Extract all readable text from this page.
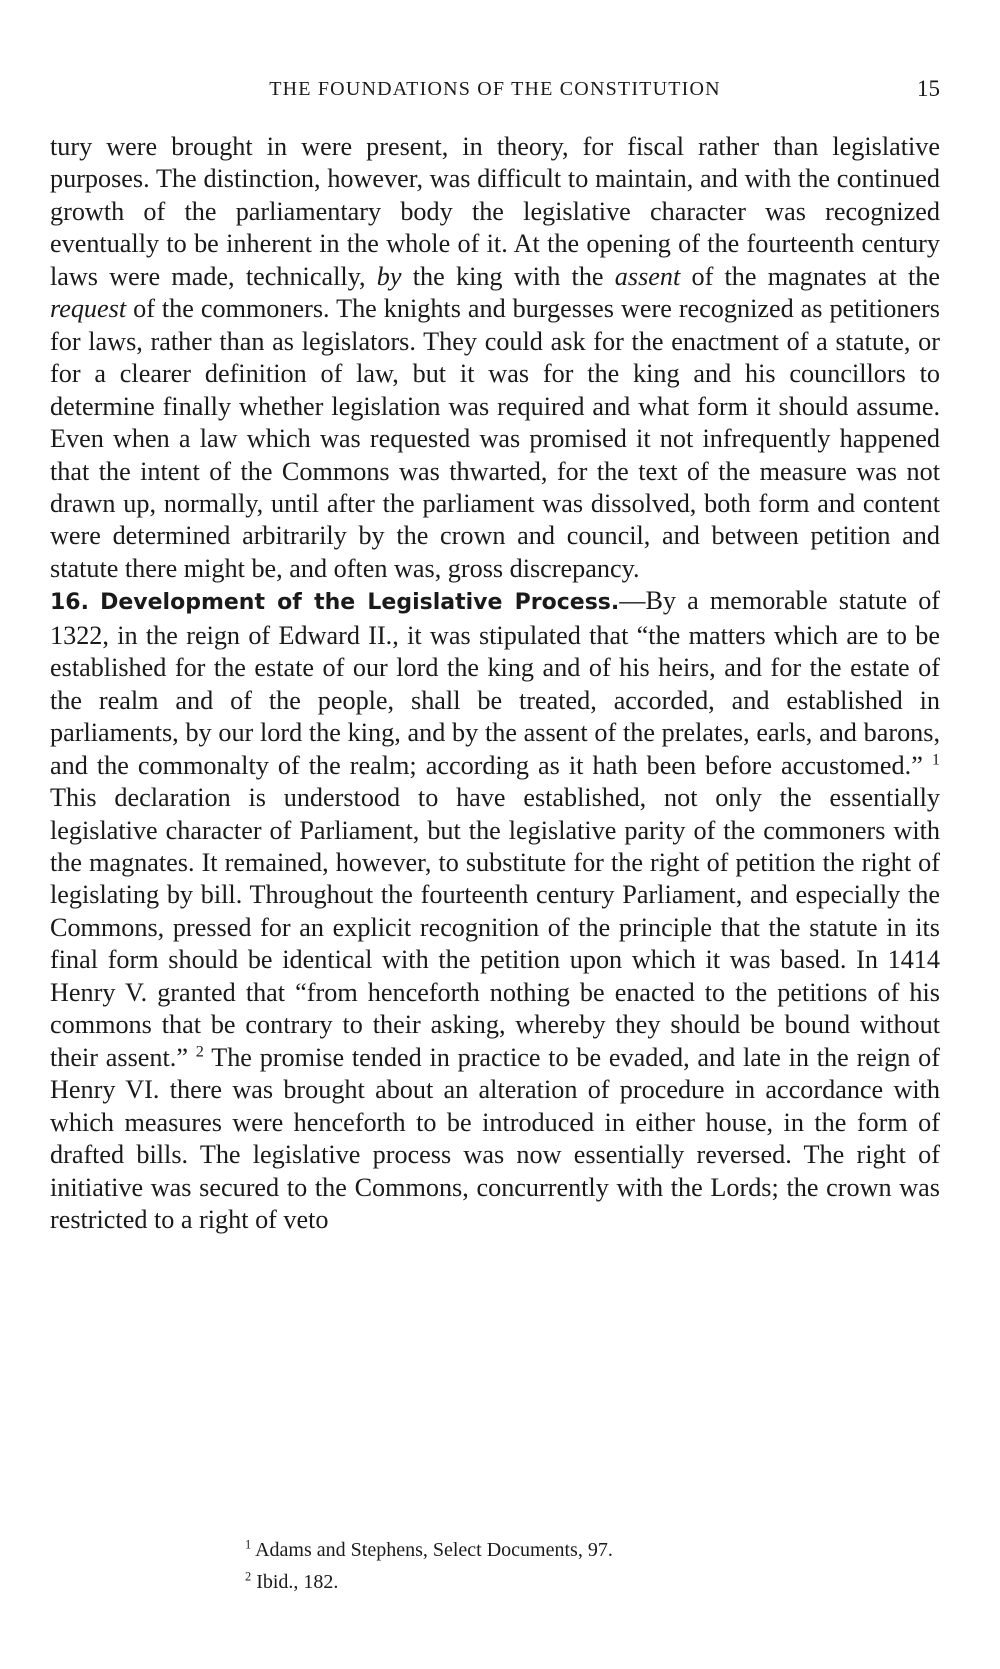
THE FOUNDATIONS OF THE CONSTITUTION	15

tury were brought in were present, in theory, for fiscal rather than legislative purposes. The distinction, however, was difficult to maintain, and with the continued growth of the parliamentary body the legislative character was recognized eventually to be inherent in the whole of it. At the opening of the fourteenth century laws were made, technically, by the king with the assent of the magnates at the request of the commoners. The knights and burgesses were recognized as petitioners for laws, rather than as legislators. They could ask for the enactment of a statute, or for a clearer definition of law, but it was for the king and his councillors to determine finally whether legislation was required and what form it should assume. Even when a law which was requested was promised it not infrequently happened that the intent of the Commons was thwarted, for the text of the measure was not drawn up, normally, until after the parliament was dissolved, both form and content were determined arbitrarily by the crown and council, and between petition and statute there might be, and often was, gross discrepancy.

16. Development of the Legislative Process.—By a memorable statute of 1322, in the reign of Edward II., it was stipulated that “the matters which are to be established for the estate of our lord the king and of his heirs, and for the estate of the realm and of the people, shall be treated, accorded, and established in parliaments, by our lord the king, and by the assent of the prelates, earls, and barons, and the commonalty of the realm; according as it hath been before accustomed.” $^1$ This declaration is understood to have established, not only the essentially legislative character of Parliament, but the legislative parity of the commoners with the magnates. It remained, however, to substitute for the right of petition the right of legislating by bill. Throughout the fourteenth century Parliament, and especially the Commons, pressed for an explicit recognition of the principle that the statute in its final form should be identical with the petition upon which it was based. In 1414 Henry V. granted that “from henceforth nothing be enacted to the petitions of his commons that be contrary to their asking, whereby they should be bound without their assent.” $^2$ The promise tended in practice to be evaded, and late in the reign of Henry VI. there was brought about an alteration of procedure in accordance with which measures were henceforth to be introduced in either house, in the form of drafted bills. The legislative process was now essentially reversed. The right of initiative was secured to the Commons, concurrently with the Lords; the crown was restricted to a right of veto

$^1$ Adams and Stephens, Select Documents, 97.

$^2$ Ibid., 182.
